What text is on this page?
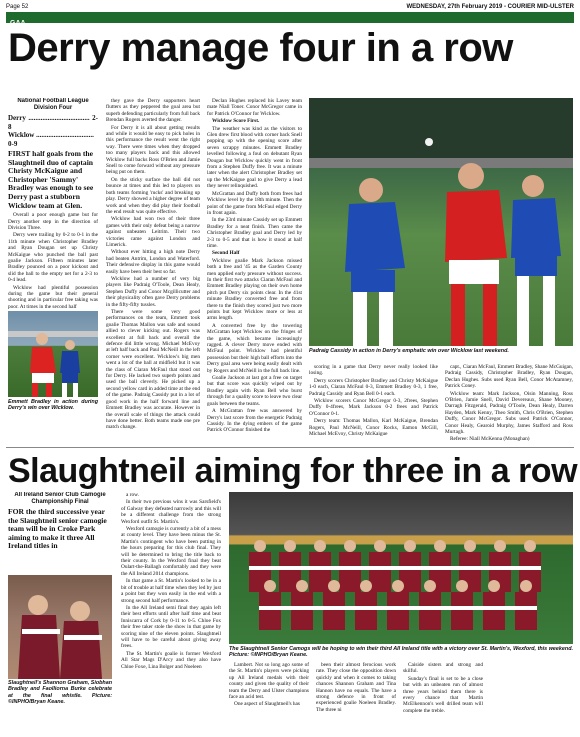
Page 52	WEDNESDAY, 27th February 2019 - COURIER MID-ULSTER
GAA
Derry manage four in a row
National Football League Division Four
Derry ................................... 2-8
Wicklow .................................
0-9
FIRST half goals from the Slaughtneil duo of captain Christy McKaigue and Christopher 'Sammy' Bradley was enough to see Derry past a stubborn Wicklow team at Glen.

Overall a poor enough game but for Derry another step in the direction of Division Three.

Derry were trailing by 0-2 to 0-1 in the 11th minute when Christopher Bradley and Ryan Dougan set up Christy McKaigue who punched the ball past goalie Jackson. Fifteen minutes later Bradley pounced on a poor kickout and slid the ball to the empty net for a 2-3 to 0-4 lead.

Wicklow had plentiful possession during the game but their general shooting and in particular free taking was poor. At times in the second half

Emmett Bradley in action during Derry's win over Wicklow.

they gave the Derry supporters heart flutters as they peppered the goal area but superb defending particularly from full back Brendan Rogers averted the danger.

For Derry it is all about getting results and while it would be easy to pick holes in this performance the result went the right way. There were times when they dropped too many players back and this allowed Wicklow full backs Ross O'Brien and Jamie Snell to come forward without any pressure being put on them.

On the sticky surface the ball did not bounce at times and this led to players on both teams forming 'rucks' and breaking up play. Derry showed a higher degree of team work and when they did play their football the end result was quite effective.

Wicklow had won two of their three games with their only defeat being a narrow against unbeaten Leitrim. Their two victories came against London and Limerick.

Without ever hitting a high note Derry had beaten Antrim, London and Waterford. Their defensive display in this game would easily have been their best so far.

Wicklow had a number of very big players like Padraig O'Toole, Dean Healy, Stephen Duffy and Conor Mcgillicutter and their physicality often gave Derry problems in the fifty-fifty tussles.

There were some very good performances on the team, Emmett took goalie Thomas Mallon was safe and sound allied to clever kicking out. Rogers was excellent at full back and overall the defence did little wrong. Michael McEvoy at left half back and Paul McNeill in the left corner were excellent. Wicklow's big men went a lot of the ball at midfield but it was the class of Ciaran McFaul that stood out for Derry. He lacked two superb points and used the ball cleverly. He picked up a second yellow card in added time at the end of the game. Padraig Cassidy put in a lot of good work in the half forward line and Emmett Bradley was accurate. However in the overall scale of things the attack could have done better. Both teams made one pre match change.

Declan Hughes replaced his Lavey team mate Niall Toner. Conor McGregor came in for Patrick O'Connor for Wicklow.

Wicklow Score First.

The weather was kind as the visitors to Glen drew first blood with corner back Snell popping up with the opening score after seven scrappy minutes. Emmett Bradley levelled following a foul on debutant Ryan Dougan but Wicklow quickly went in front from a Stephen Duffy free. It was a minute later when the alert Christopher Bradley set up the McKaigue goal to give Derry a lead they never relinquished.

McGrattan and Duffy both from frees had Wicklow level by the 18th minute. Then the point of the game from McFaul edged Derry in front again.

In the 23rd minute Cassidy set up Emmett Bradley for a neat finish. Then came the Christopher Bradley goal and Derry led by 2-3 to 0-5 and that is how it stood at half time.

Second Half

Wicklow goalie Mark Jackson missed both a free and '45 as the Garden County men applied early pressure without success. In their first two attacks Ciaran McFaul and Emmett Bradley playing on their own home pitch put Derry six points clear. In the 41st minute Bradley converted free and from there to the finish they scored just two more points but kept Wicklow more or less at arms length.

A converted free by the towering McGrattan kept Wicklow on the fringes of the game, which became increasingly ragged. A clever Derry move ended with McFaul point. Wicklow had plentiful possession but their high ball efforts into the Derry goal area were being easily dealt with by Rogers and McNeill in the full back line.

Goalie Jackson at last got a free on target but that score was quickly wiped out by Bradley again with Ryan Bell who burst through for a quality score to leave two clear goals between the teams.

A McGrattan free was answered by Derry's last score from the energetic Padraig Cassidy. In the dying embers of the game Patrick O'Connor finished the

Padraig Cassidy in action in Derry's emphatic win over Wicklow last weekend.

scoring in a game that Derry never really looked like losing.

Derry scorers Christopher Bradley and Christy McKaigue 1-0 each, Ciaran McFaul 0-3, Emmett Bradley 0-3, 1 free, Padraig Cassidy and Ryan Bell 0-1 each.

Wicklow scorers Conor McGregor 0-3, 2frees, Stephen Duffy 0-4frees, Mark Jackson 0-2 frees and Patrick O'Connor 0-1.

Derry team: Thomas Mallon, Karl McKaigue, Brendan Rogers, Paul McNeill, Conor Rocks, Eamon McGill, Michael McEvoy, Christy McKaigue

capt., Ciaran McFaul, Emmett Bradley, Shane McGuigan, Padraig Cassidy, Christopher Bradley, Ryan Dougan, Declan Hughes. Subs used Ryan Bell, Conor McAtamney, Patrick Coney.

Wicklow team: Mark Jackson, Oisin Manning, Ross O'Brien, Jamie Snell, David Devereaux, Shane Mooney, Darragh Fitzgerald, Padraig O'Toole, Dean Healy, Darren Hayden, Mark Kenny, Theo Smith, Chris O'Brien, Stephen Duffy, Conor McGregor. Subs used Patrick O'Connor, Conor Healy, Gearoid Murphy, James Stafford and Ross Murtagh.

Referee: Niall McKenna (Monaghan)

Slaughtneil aiming for three in a row
All Ireland Senior Club Camogie Championship Final
FOR the third successive year the Slaughtneil senior camogie team will be in Croke Park aiming to make it three All Ireland titles in
Slaughtneil's Shannon Graham, Siobhan Bradley and Faolliorna Burke celebrate at the final whistle. Picture: ©INPHO/Bryan Keane.

a row.

In their two previous wins it was Sarsfield's of Galway they defeated narrowly and this will be a different challenge from the strong Wexford outfit St. Martin's.

Wexford camogie is currently a bit of a mess at county level. They have been minus the St. Martin's contingent who have been putting in the hours preparing for this club final. They will be determined to bring the title back to their county. In the Wexford final they beat Oulart-the-Ballagh comfortably and they were the All Ireland 2014 champions.

In that game a St. Martin's looked to be in a bit of trouble at half time when they led by just a point but they won easily in the end with a strong second half performance.

In the All Ireland semi final they again left their best efforts until after half time and beat Inniscarra of Cork by 0-11 to 0-5. Chloe Fox their free taker stole the show in that game by scoring nine of the eleven points. Slaughtneil will have to be careful about giving away frees.

The St. Martin's goalie is former Wexford All Star Mags D'Arcy and they also have Chloe Foxe, Lina Bolger and Noeleen

The Slaughtneil Senior Camogs will be hoping to win their third All Ireland title with a victory over St. Martin's, Wexford, this weekend. Picture: ©INPHO/Bryan Keane.

Lambert. Not so long ago some of the St. Martin's players were picking up All Ireland medals with their county and given the quality of their team the Derry and Ulster champions face an acid test.

One aspect of Slaughtneil's has

been their almost ferocious work rate. They close the opposition down quickly and when it comes to taking chances Shannon Graham and Tina Hannon have no equals. The have a strong defence in front of experienced goalie Noeleen Bradley. The three ni

Caiside sisters and strong and skilful.

Sunday's final is set to be a close but with an unbeaten run of almost three years behind them there is every chance that Martin McElkennon's well drilled team will complete the treble.
